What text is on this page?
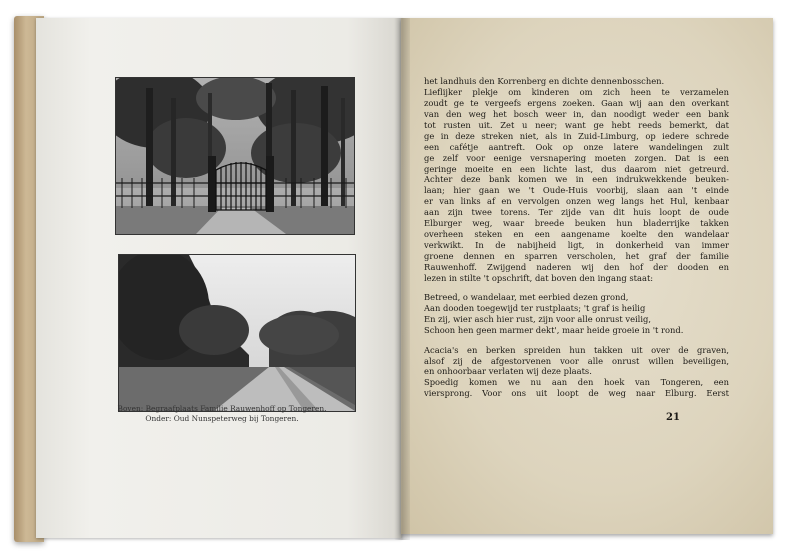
Boven: Begraafplaats Familie Rauwenhoff op Tongeren.
Onder: Oud Nunspeterweg bij Tongeren.
het landhuis den Korrenberg en dichte dennenbosschen.
Lieflijker plekje om kinderen om zich heen te verzamelen
zoudt ge te vergeefs ergens zoeken. Gaan wij aan den overkant
van den weg het bosch weer in, dan noodigt weder een bank
tot rusten uit. Zet u neer; want ge hebt reeds bemerkt, dat
ge in deze streken niet, als in Zuid-Limburg, op iedere schrede
een cafétje aantreft. Ook op onze latere wandelingen zult
ge zelf voor eenige versnapering moeten zorgen. Dat is een
geringe moeite en een lichte last, dus daarom niet getreurd.
Achter deze bank komen we in een indrukwekkende beuken-
laan; hier gaan we 't Oude-Huis voorbij, slaan aan 't einde
er van links af en vervolgen onzen weg langs het Hul, kenbaar
aan zijn twee torens. Ter zijde van dit huis loopt de oude
Elburger weg, waar breede beuken hun bladerrijke takken
overheen steken en een aangename koelte den wandelaar
verkwikt. In de nabijheid ligt, in donkerheid van immer
groene dennen en sparren verscholen, het graf der familie
Rauwenhoff. Zwijgend naderen wij den hof der dooden en
lezen in stilte 't opschrift, dat boven den ingang staat:
Betreed, o wandelaar, met eerbied dezen grond,
Aan dooden toegewijd ter rustplaats; 't graf is heilig
En zij, wier asch hier rust, zijn voor alle onrust veilig,
Schoon hen geen marmer dekt', maar heide groeie in 't rond.
Acacia's en berken spreiden hun takken uit over de graven,
alsof zij de afgestorvenen voor alle onrust willen beveiligen,
en onhoorbaar verlaten wij deze plaats.
Spoedig komen we nu aan den hoek van Tongeren, een
viersprong. Voor ons uit loopt de weg naar Elburg. Eerst
21
